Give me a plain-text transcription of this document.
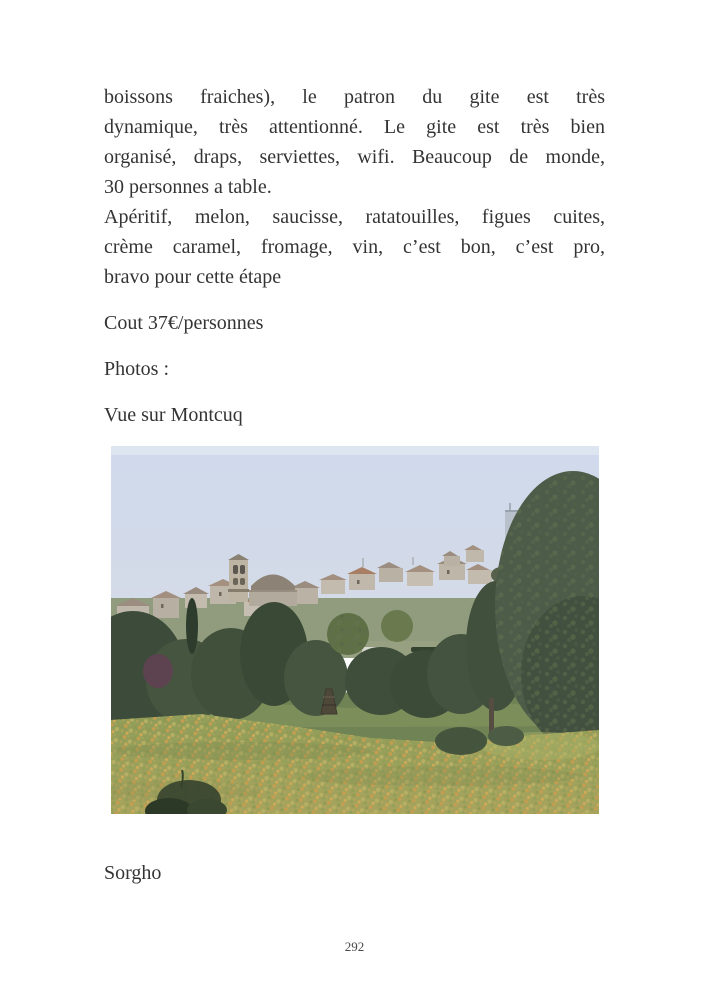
boissons fraiches), le patron du gite est très
dynamique, très attentionné. Le gite est très bien
organisé, draps, serviettes, wifi. Beaucoup de monde,
30 personnes a table.

Apéritif, melon, saucisse, ratatouilles, figues cuites,
crème caramel, fromage, vin, c’est bon, c’est pro,
bravo pour cette étape

Cout 37€/personnes

Photos :

Vue sur Montcuq

Sorgho

292
